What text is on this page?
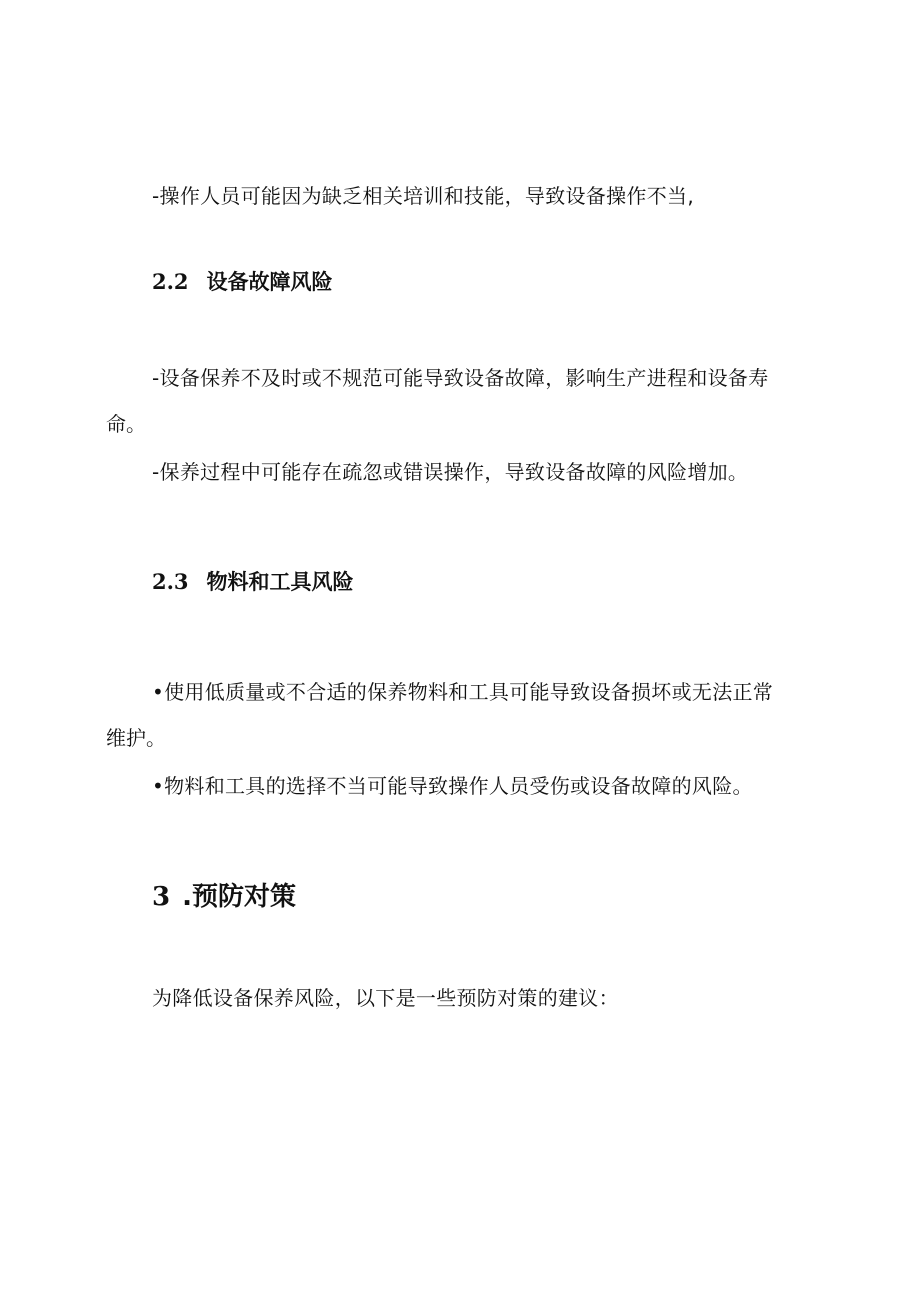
-操作人员可能因为缺乏相关培训和技能，导致设备操作不当,

2.2 设备故障风险

-设备保养不及时或不规范可能导致设备故障，影响生产进程和设备寿

命。

-保养过程中可能存在疏忽或错误操作，导致设备故障的风险增加。

2.3 物料和工具风险

•使用低质量或不合适的保养物料和工具可能导致设备损坏或无法正常

维护。

•物料和工具的选择不当可能导致操作人员受伤或设备故障的风险。

3 .预防对策

为降低设备保养风险，以下是一些预防对策的建议：
